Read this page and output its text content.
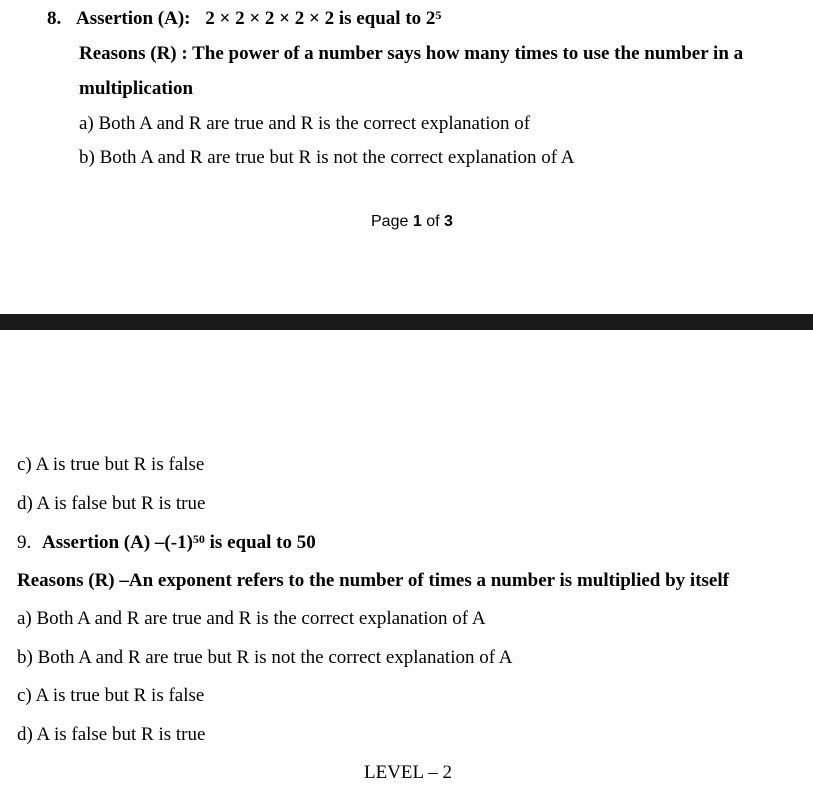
8. Assertion (A): 2 × 2 × 2 × 2 × 2 is equal to $2^5$
Reasons (R) : The power of a number says how many times to use the number in a
multiplication
a) Both A and R are true and R is the correct explanation of
b) Both A and R are true but R is not the correct explanation of A
Page 1 of 3
c) A is true but R is false
d) A is false but R is true
9. Assertion (A) $-(-1)^{50}$ is equal to 50
Reasons (R) –An exponent refers to the number of times a number is multiplied by itself
a) Both A and R are true and R is the correct explanation of A
b) Both A and R are true but R is not the correct explanation of A
c) A is true but R is false
d) A is false but R is true
LEVEL – 2
